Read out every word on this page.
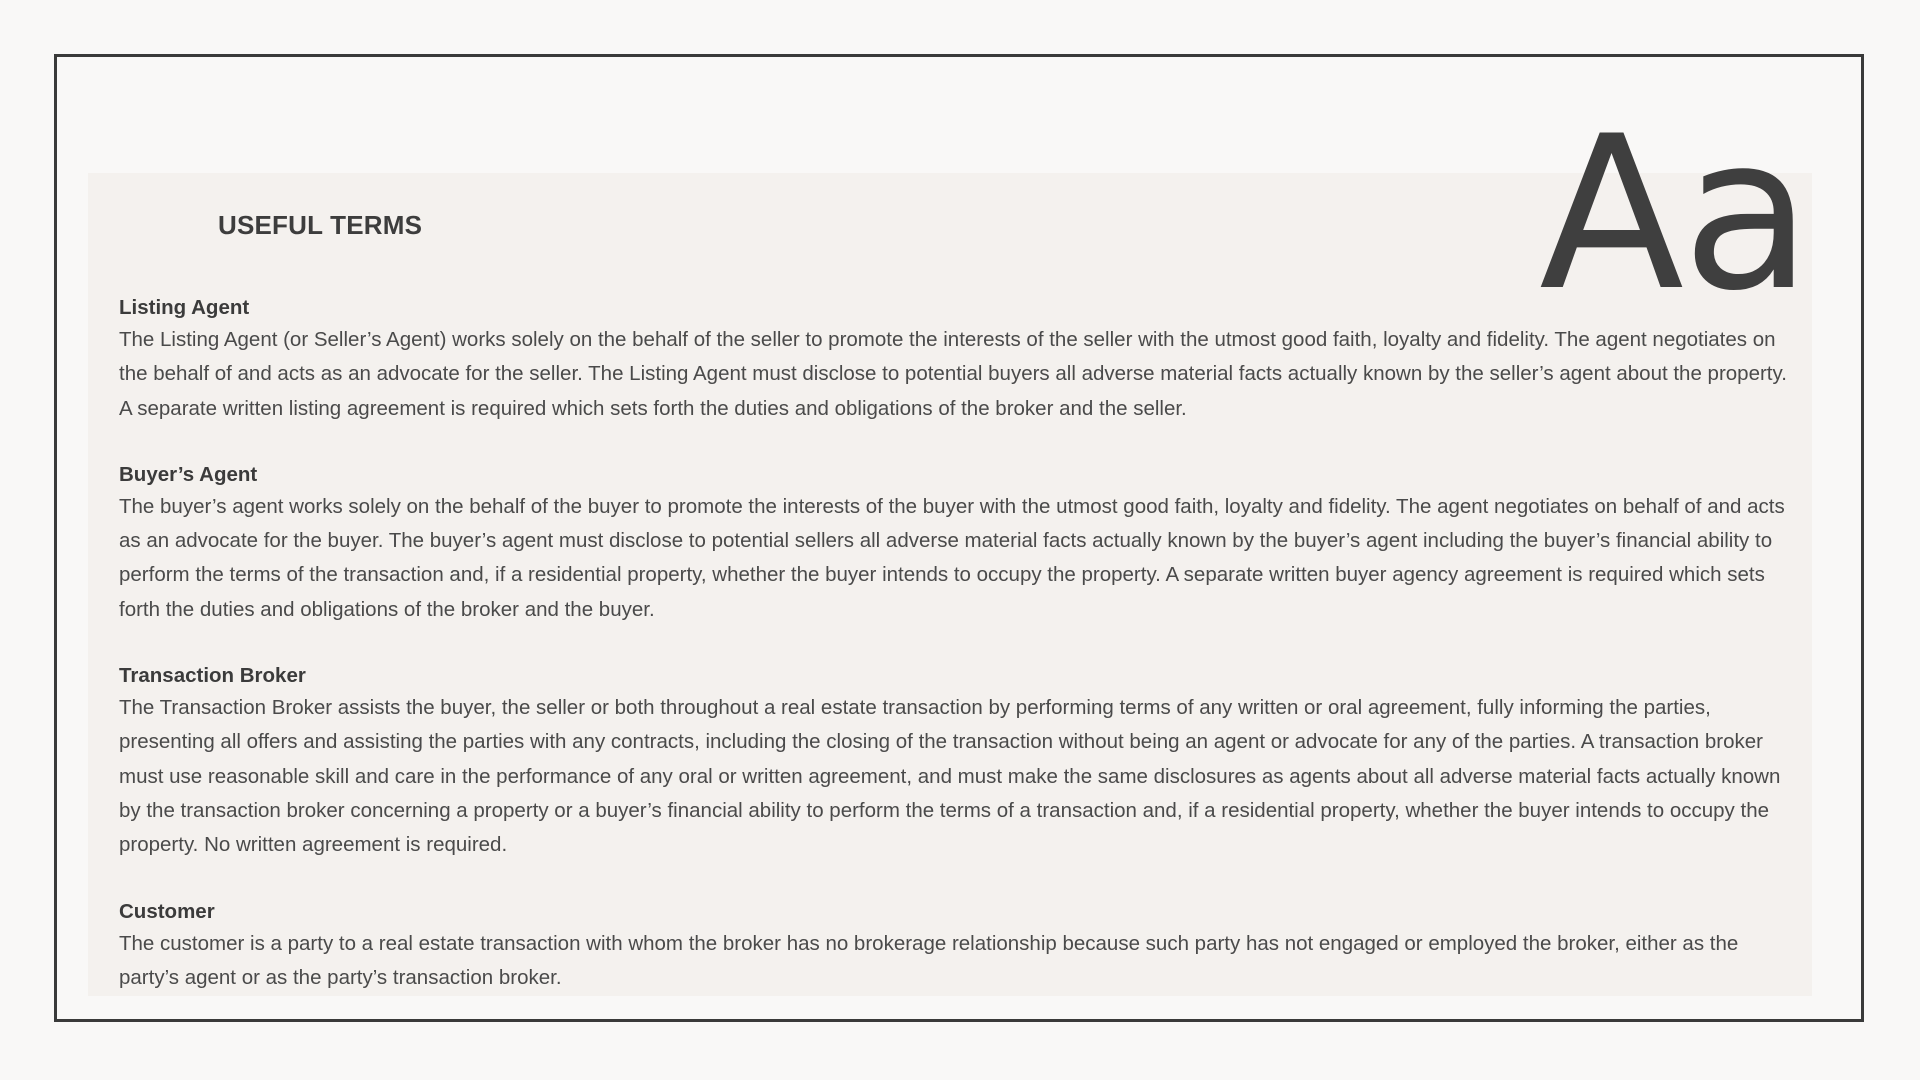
Aa
USEFUL TERMS

Listing Agent

The Listing Agent (or Seller’s Agent) works solely on the behalf of the seller to promote the interests of the seller with the utmost good faith, loyalty and fidelity. The agent negotiates on the behalf of and acts as an advocate for the seller. The Listing Agent must disclose to potential buyers all adverse material facts actually known by the seller’s agent about the property. A separate written listing agreement is required which sets forth the duties and obligations of the broker and the seller.

Buyer’s Agent

The buyer’s agent works solely on the behalf of the buyer to promote the interests of the buyer with the utmost good faith, loyalty and fidelity. The agent negotiates on behalf of and acts as an advocate for the buyer. The buyer’s agent must disclose to potential sellers all adverse material facts actually known by the buyer’s agent including the buyer’s financial ability to perform the terms of the transaction and, if a residential property, whether the buyer intends to occupy the property. A separate written buyer agency agreement is required which sets forth the duties and obligations of the broker and the buyer.

Transaction Broker

The Transaction Broker assists the buyer, the seller or both throughout a real estate transaction by performing terms of any written or oral agreement, fully informing the parties, presenting all offers and assisting the parties with any contracts, including the closing of the transaction without being an agent or advocate for any of the parties. A transaction broker must use reasonable skill and care in the performance of any oral or written agreement, and must make the same disclosures as agents about all adverse material facts actually known by the transaction broker concerning a property or a buyer’s financial ability to perform the terms of a transaction and, if a residential property, whether the buyer intends to occupy the property. No written agreement is required.

Customer

The customer is a party to a real estate transaction with whom the broker has no brokerage relationship because such party has not engaged or employed the broker, either as the party’s agent or as the party’s transaction broker.
